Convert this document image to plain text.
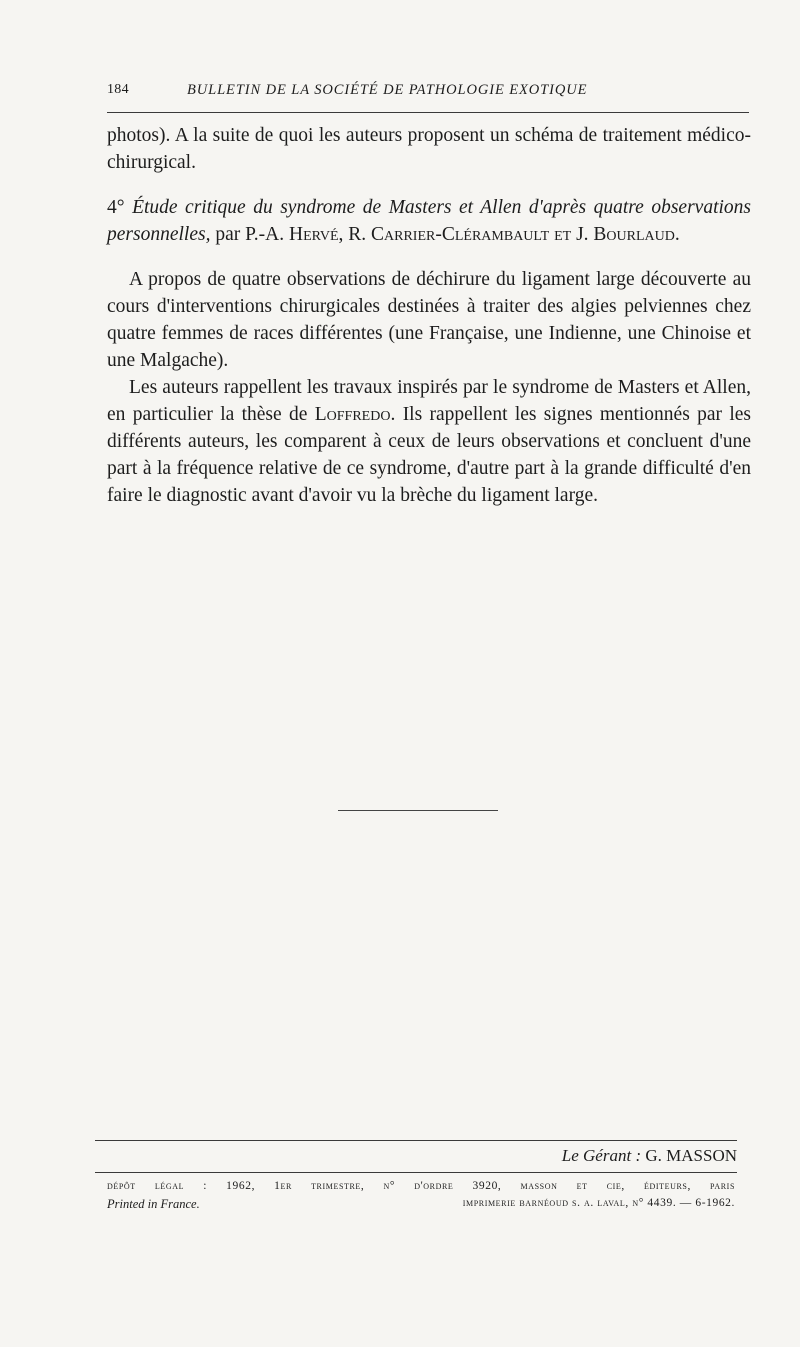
184	BULLETIN DE LA SOCIÉTÉ DE PATHOLOGIE EXOTIQUE

photos). A la suite de quoi les auteurs proposent un schéma de traitement médico-chirurgical.

4° Étude critique du syndrome de Masters et Allen d'après quatre observations personnelles, par P.-A. Hervé, R. Carrier-Clérambault et J. Bourlaud.

A propos de quatre observations de déchirure du ligament large découverte au cours d'interventions chirurgicales destinées à traiter des algies pelviennes chez quatre femmes de races différentes (une Française, une Indienne, une Chinoise et une Malgache).

Les auteurs rappellent les travaux inspirés par le syndrome de Masters et Allen, en particulier la thèse de Loffredo. Ils rappellent les signes mentionnés par les différents auteurs, les comparent à ceux de leurs observations et concluent d'une part à la fréquence relative de ce syndrome, d'autre part à la grande difficulté d'en faire le diagnostic avant d'avoir vu la brèche du ligament large.

Le Gérant : G. MASSON
dépôt légal : 1962, 1er trimestre, n° d'ordre 3920, masson et cie, éditeurs, paris
Printed in France.	imprimerie barnéoud s. a. laval, n° 4439. — 6-1962.
